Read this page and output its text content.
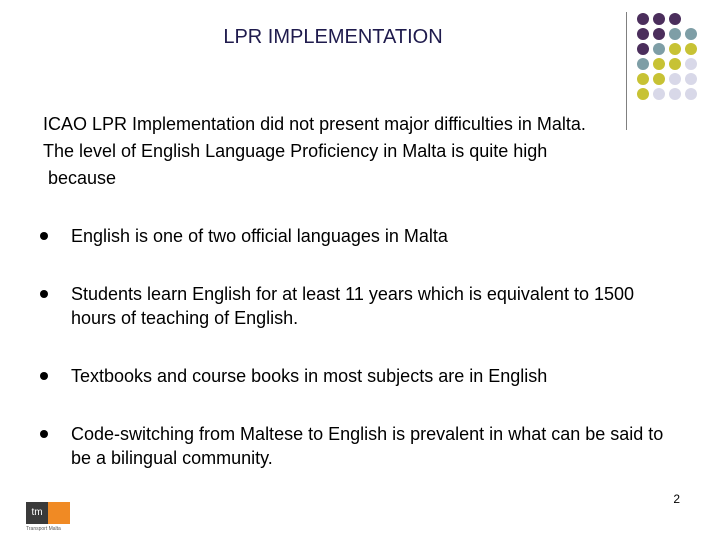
LPR IMPLEMENTATION
ICAO LPR Implementation did not present major difficulties in Malta.
The level of English Language Proficiency in Malta is quite high
because
English is one of two official languages in Malta
Students learn English for at least 11 years which is equivalent to 1500 hours of teaching of English.
Textbooks and course books in most subjects are in English
Code-switching from Maltese to English is prevalent in what can be said to be a bilingual community.
tm
Transport Malta
2
